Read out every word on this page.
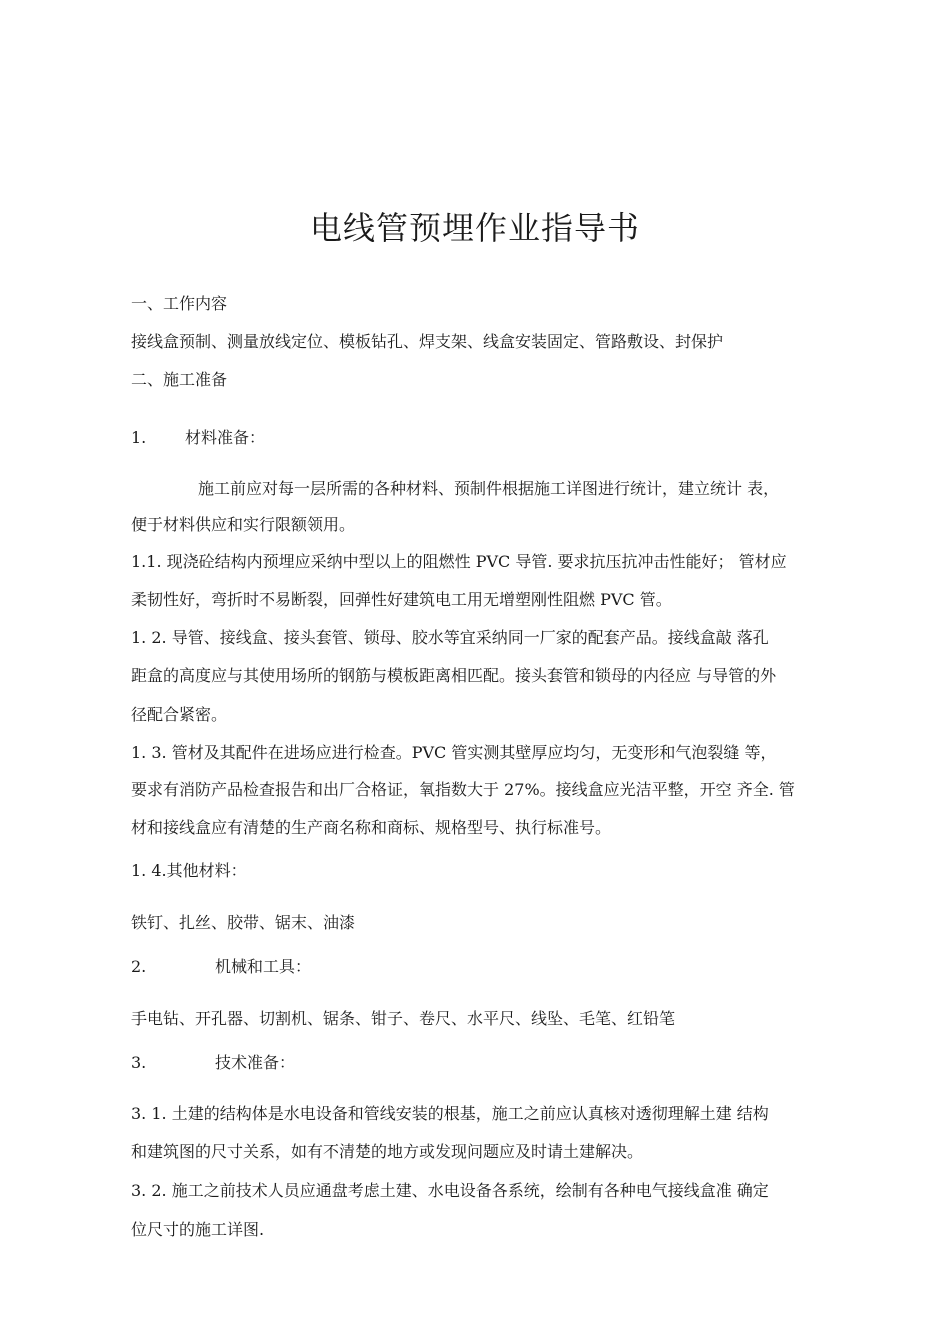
电线管预埋作业指导书
一、工作内容
接线盒预制、测量放线定位、模板钻孔、焊支架、线盒安装固定、管路敷设、封保护
二、施工准备
1. 材料准备：
施工前应对每一层所需的各种材料、预制件根据施工详图进行统计，建立统计 表，
便于材料供应和实行限额领用。
1.1. 现浇砼结构内预埋应采纳中型以上的阻燃性 PVC 导管. 要求抗压抗冲击性能好； 管材应
柔韧性好，弯折时不易断裂，回弹性好建筑电工用无增塑刚性阻燃 PVC 管。
1. 2. 导管、接线盒、接头套管、锁母、胶水等宜采纳同一厂家的配套产品。接线盒敲 落孔
距盒的高度应与其使用场所的钢筋与模板距离相匹配。接头套管和锁母的内径应 与导管的外
径配合紧密。
1. 3. 管材及其配件在进场应进行检查。PVC 管实测其壁厚应均匀，无变形和气泡裂缝 等，
要求有消防产品检查报告和出厂合格证，氧指数大于 27%。接线盒应光洁平整，开空 齐全. 管
材和接线盒应有清楚的生产商名称和商标、规格型号、执行标准号。
1. 4.其他材料：
铁钉、扎丝、胶带、锯末、油漆
2.	机械和工具：
手电钻、开孔器、切割机、锯条、钳子、卷尺、水平尺、线坠、毛笔、红铅笔
3.	技术准备：
3. 1. 土建的结构体是水电设备和管线安装的根基，施工之前应认真核对透彻理解土建 结构
和建筑图的尺寸关系，如有不清楚的地方或发现问题应及时请土建解决。
3. 2. 施工之前技术人员应通盘考虑土建、水电设备各系统，绘制有各种电气接线盒准 确定
位尺寸的施工详图.
